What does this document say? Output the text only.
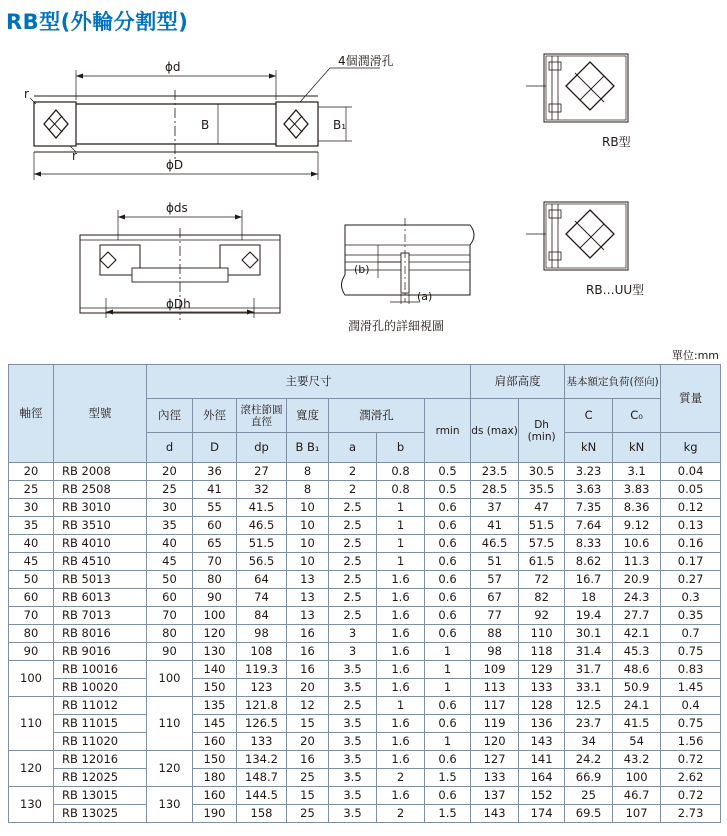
RB型(外輪分割型)
ϕd
ϕD
B	B₁
r
r
4個潤滑孔
ϕds
ϕDh
(b)
(a)
潤滑孔的詳細視圖
RB型
RB…UU型
單位:mm
軸徑	型號	主要尺寸							肩部高度		基本額定負荷(徑向)		質量
		內徑	外徑	滾柱節圓直徑	寬度	潤滑孔		rmin	ds (max)	Dh (min)	C	C₀	
		d	D	dp	B B₁	a	b				kN	kN	kg
20	RB 2008	20	36	27	8	2	0.8	0.5	23.5	30.5	3.23	3.1	0.04
25	RB 2508	25	41	32	8	2	0.8	0.5	28.5	35.5	3.63	3.83	0.05
30	RB 3010	30	55	41.5	10	2.5	1	0.6	37	47	7.35	8.36	0.12
35	RB 3510	35	60	46.5	10	2.5	1	0.6	41	51.5	7.64	9.12	0.13
40	RB 4010	40	65	51.5	10	2.5	1	0.6	46.5	57.5	8.33	10.6	0.16
45	RB 4510	45	70	56.5	10	2.5	1	0.6	51	61.5	8.62	11.3	0.17
50	RB 5013	50	80	64	13	2.5	1.6	0.6	57	72	16.7	20.9	0.27
60	RB 6013	60	90	74	13	2.5	1.6	0.6	67	82	18	24.3	0.3
70	RB 7013	70	100	84	13	2.5	1.6	0.6	77	92	19.4	27.7	0.35
80	RB 8016	80	120	98	16	3	1.6	0.6	88	110	30.1	42.1	0.7
90	RB 9016	90	130	108	16	3	1.6	1	98	118	31.4	45.3	0.75
100	RB 10016	100	140	119.3	16	3.5	1.6	1	109	129	31.7	48.6	0.83
	RB 10020		150	123	20	3.5	1.6	1	113	133	33.1	50.9	1.45
110	RB 11012	110	135	121.8	12	2.5	1	0.6	117	128	12.5	24.1	0.4
	RB 11015		145	126.5	15	3.5	1.6	0.6	119	136	23.7	41.5	0.75
	RB 11020		160	133	20	3.5	1.6	1	120	143	34	54	1.56
120	RB 12016	120	150	134.2	16	3.5	1.6	0.6	127	141	24.2	43.2	0.72
	RB 12025		180	148.7	25	3.5	2	1.5	133	164	66.9	100	2.62
130	RB 13015	130	160	144.5	15	3.5	1.6	0.6	137	152	25	46.7	0.72
	RB 13025		190	158	25	3.5	2	1.5	143	174	69.5	107	2.73
